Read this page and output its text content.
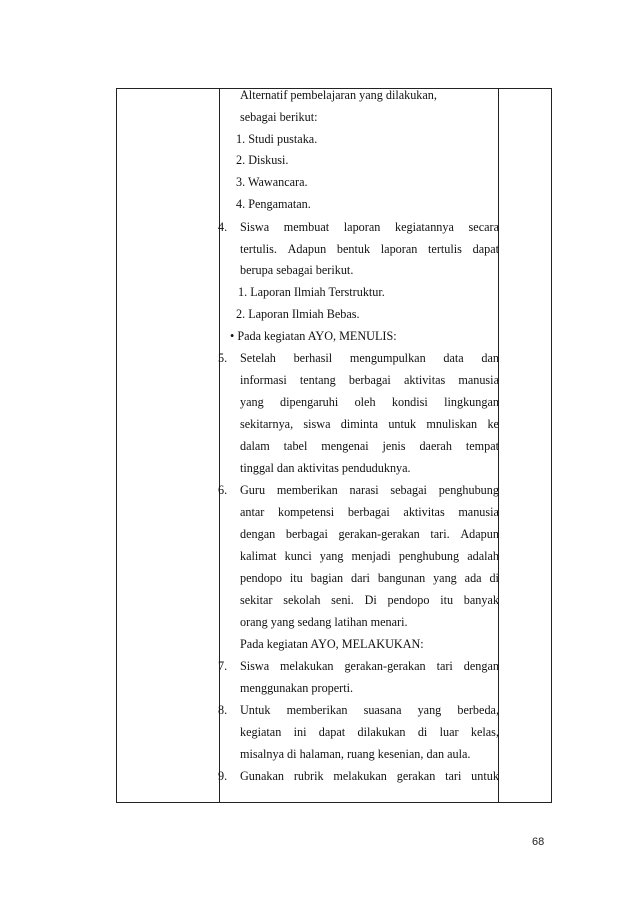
Alternatif pembelajaran yang dilakukan,
sebagai berikut:
1. Studi pustaka.
2. Diskusi.
3. Wawancara.
4. Pengamatan.
4. Siswa membuat laporan kegiatannya secara
tertulis. Adapun bentuk laporan tertulis dapat
berupa sebagai berikut.
1. Laporan Ilmiah Terstruktur.
2. Laporan Ilmiah Bebas.
• Pada kegiatan AYO, MENULIS:
5. Setelah berhasil mengumpulkan data dan
informasi tentang berbagai aktivitas manusia
yang dipengaruhi oleh kondisi lingkungan
sekitarnya, siswa diminta untuk mnuliskan ke
dalam tabel mengenai jenis daerah tempat
tinggal dan aktivitas penduduknya.
6. Guru memberikan narasi sebagai penghubung
antar kompetensi berbagai aktivitas manusia
dengan berbagai gerakan-gerakan tari. Adapun
kalimat kunci yang menjadi penghubung adalah
pendopo itu bagian dari bangunan yang ada di
sekitar sekolah seni. Di pendopo itu banyak
orang yang sedang latihan menari.
Pada kegiatan AYO, MELAKUKAN:
7. Siswa melakukan gerakan-gerakan tari dengan
menggunakan properti.
8. Untuk memberikan suasana yang berbeda,
kegiatan ini dapat dilakukan di luar kelas,
misalnya di halaman, ruang kesenian, dan aula.
9. Gunakan rubrik melakukan gerakan tari untuk
68
